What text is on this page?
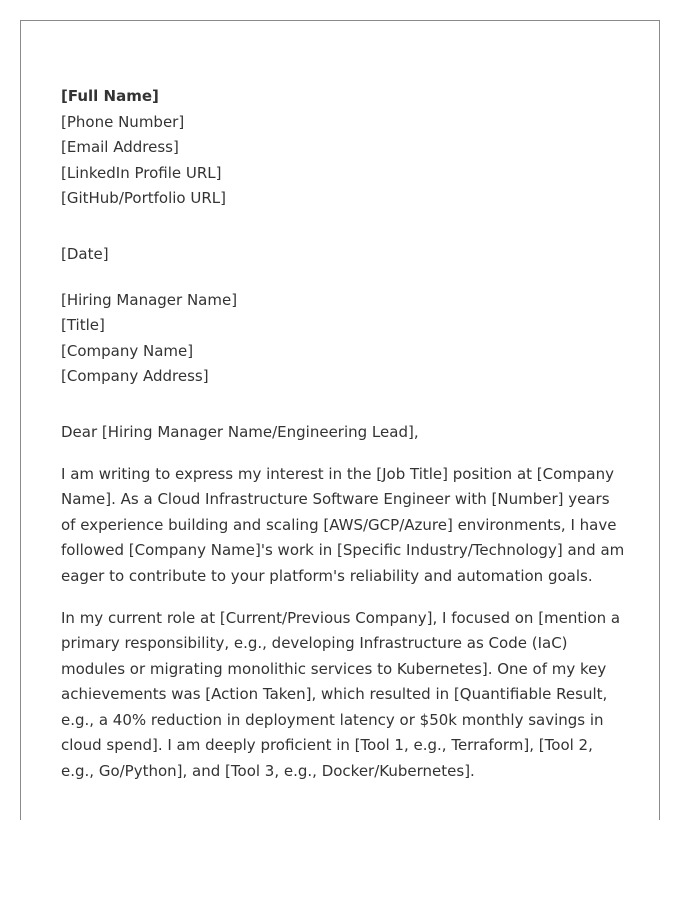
[Full Name]
[Phone Number]
[Email Address]
[LinkedIn Profile URL]
[GitHub/Portfolio URL]
[Date]
[Hiring Manager Name]
[Title]
[Company Name]
[Company Address]
Dear [Hiring Manager Name/Engineering Lead],

I am writing to express my interest in the [Job Title] position at [Company Name]. As a Cloud Infrastructure Software Engineer with [Number] years of experience building and scaling [AWS/GCP/Azure] environments, I have followed [Company Name]'s work in [Specific Industry/Technology] and am eager to contribute to your platform's reliability and automation goals.

In my current role at [Current/Previous Company], I focused on [mention a primary responsibility, e.g., developing Infrastructure as Code (IaC) modules or migrating monolithic services to Kubernetes]. One of my key achievements was [Action Taken], which resulted in [Quantifiable Result, e.g., a 40% reduction in deployment latency or $50k monthly savings in cloud spend]. I am deeply proficient in [Tool 1, e.g., Terraform], [Tool 2, e.g., Go/Python], and [Tool 3, e.g., Docker/Kubernetes].
